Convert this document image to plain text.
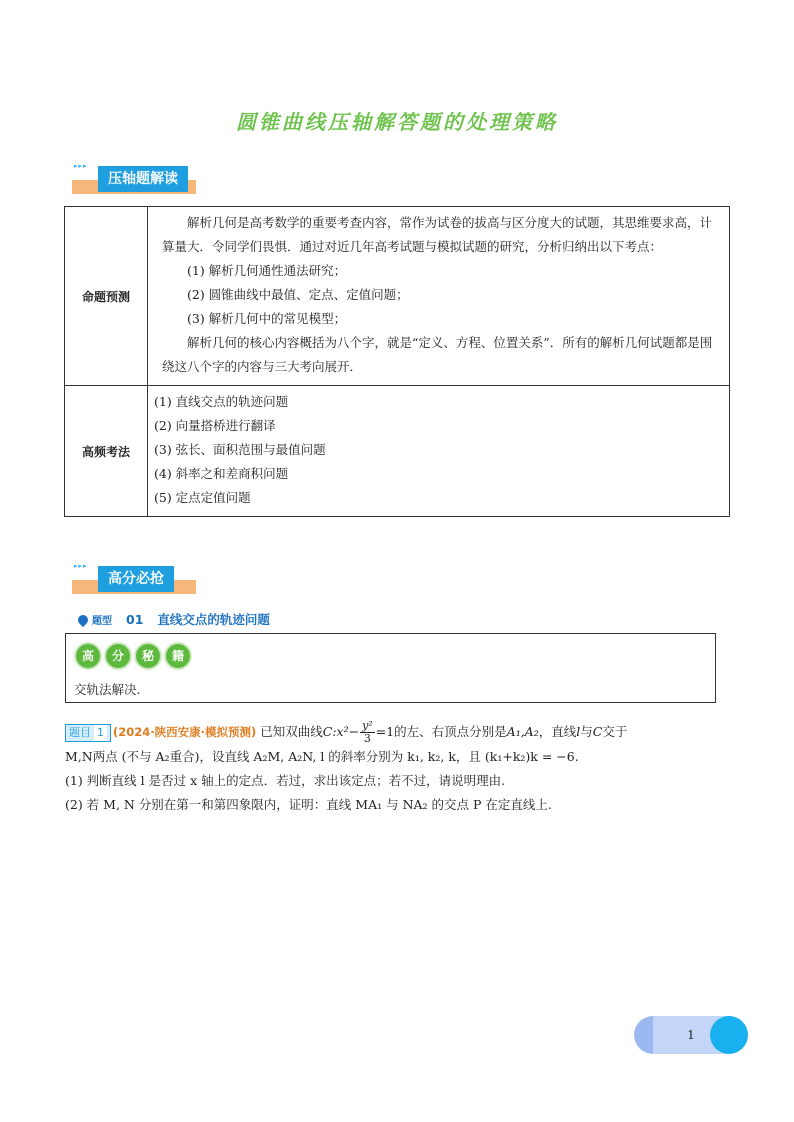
圆锥曲线压轴解答题的处理策略
▸▸▸
压轴题解读
命题预测	解析几何是高考数学的重要考查内容，常作为试卷的拔高与区分度大的试题，其思维要求高，计算量大．令同学们畏惧．通过对近几年高考试题与模拟试题的研究，分析归纳出以下考点：

(1) 解析几何通性通法研究；

(2) 圆锥曲线中最值、定点、定值问题；

(3) 解析几何中的常见模型；

解析几何的核心内容概括为八个字，就是“定义、方程、位置关系”．所有的解析几何试题都是围绕这八个字的内容与三大考向展开．

高频考法	(1) 直线交点的轨迹问题

(2) 向量搭桥进行翻译

(3) 弦长、面积范围与最值问题

(4) 斜率之和差商积问题

(5) 定点定值问题

▸▸▸
高分必抢
题型 01 直线交点的轨迹问题
高	分	秘	籍
交轨法解决.

题目 1 (2024·陕西安康·模拟预测) 已知双曲线C:x²− $\frac{\text{y²}}{3} =1$的左、右顶点分别是A₁,A₂，直线l与C交于

M,N两点 (不与 A₂重合)，设直线 A₂M, A₂N, l 的斜率分别为 k₁, k₂, k，且 (k₁+k₂)k = −6.

(1) 判断直线 l 是否过 x 轴上的定点．若过，求出该定点；若不过，请说明理由.

(2) 若 M, N 分别在第一和第四象限内，证明：直线 MA₁ 与 NA₂ 的交点 P 在定直线上.

1
